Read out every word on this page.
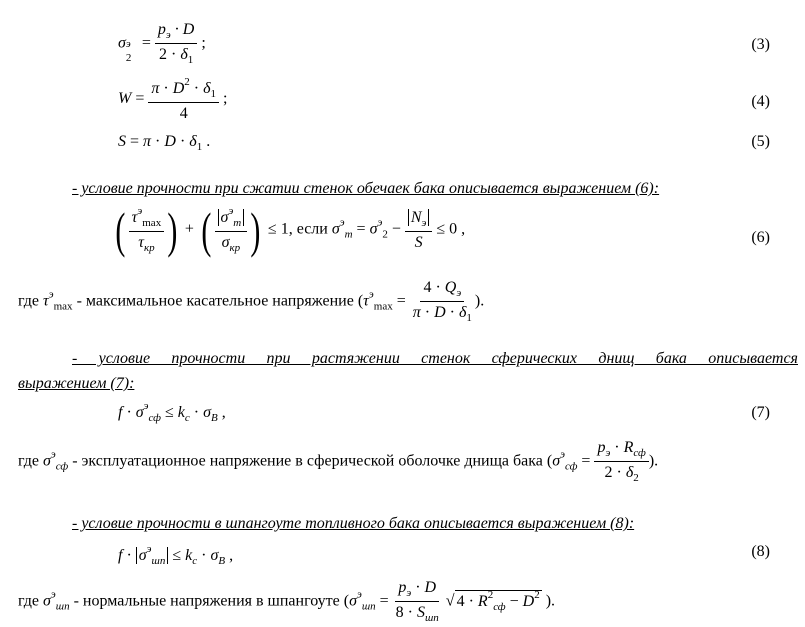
σ э
2
= $\frac{p_э \cdot D}{2 \cdot \delta_1}$ ;	(3)
$W = \frac{\pi \cdot D^2 \cdot \delta_1}{4}$ ;	(4)
$S = \pi \cdot D \cdot \delta_1$ .	(5)
- условие прочности при сжатии стенок обечаек бака описывается выражением (6):
( $\frac{\tau^э_{max}}{\tau_{кр}}$ ) + ( $\frac{\sigma^э_т}{\sigma_{кр}}$ ) ≤ 1, если $\sigma^э_т = \sigma^э_2 - \frac{N_э}{S} \le 0$ ,	(6)
где $\tau^э_{max}$ - максимальное касательное напряжение ($\tau^э_{max} = \frac{4 \cdot Q_э}{\pi \cdot D \cdot \delta_1}$ ).
- условие прочности при растяжении стенок сферических днищ бака описывается
выражением (7):
$f \cdot \sigma^э_{сф} \le k_c \cdot \sigma_B$ ,	(7)
где $\sigma^э_{сф}$ - эксплуатационное напряжение в сферической оболочке днища бака ($\sigma^э_{сф} = \frac{p_э \cdot R_{сф}}{2 \cdot \delta_2}$ ).
- условие прочности в шпангоуте топливного бака описывается выражением (8):
$f \cdot \sigma^э_{шп} \le k_c \cdot \sigma_B$ ,	(8)
где $\sigma^э_{шп}$ - нормальные напряжения в шпангоуте ($\sigma^э_{шп} = \frac{p_э \cdot D}{8 \cdot S_{шп}}$ √ $4 \cdot R^2_{сф} - D^2$ ).
